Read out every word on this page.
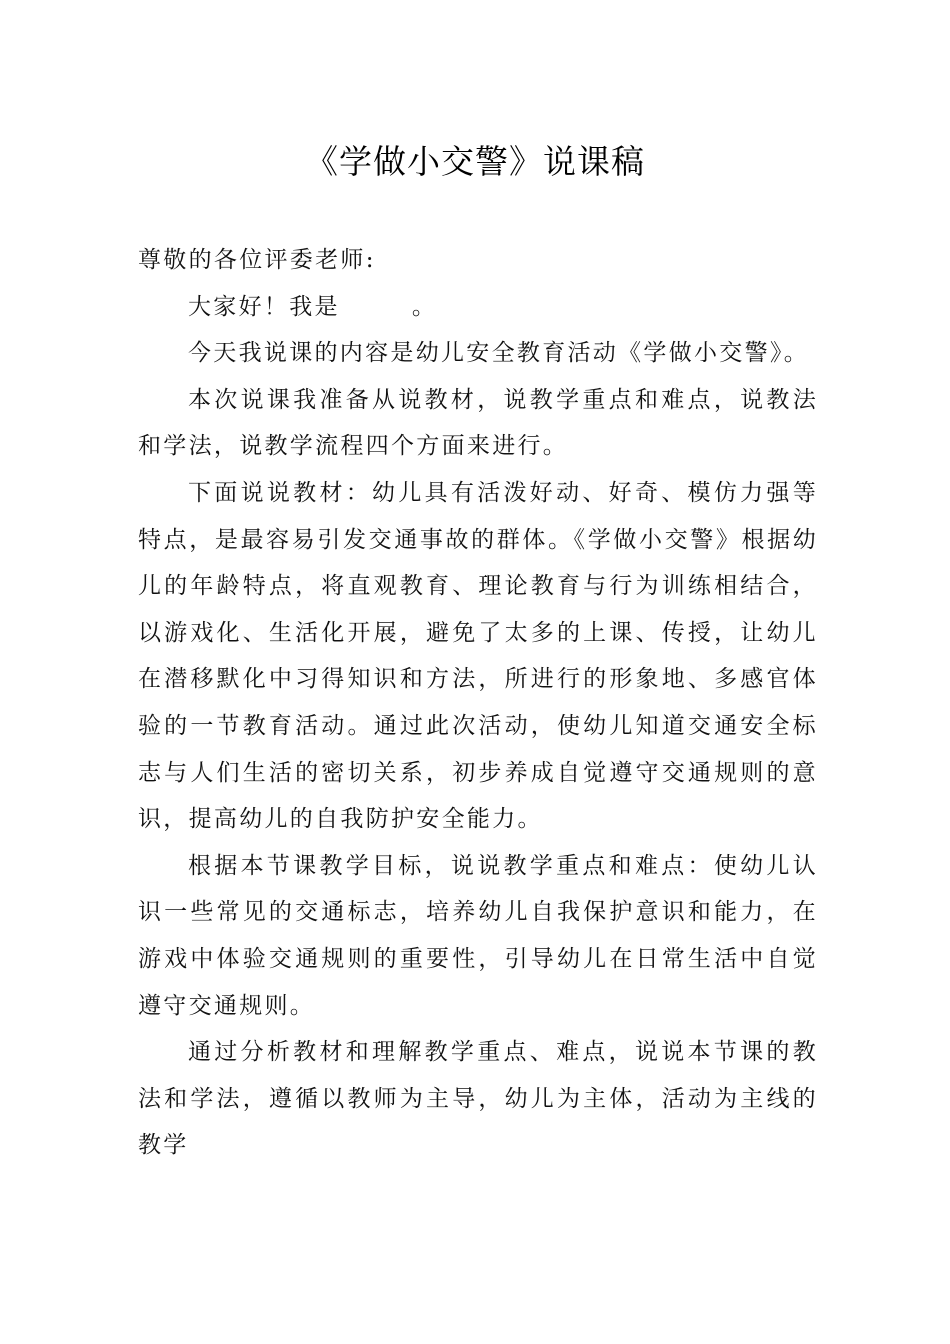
《学做小交警》说课稿

尊敬的各位评委老师:

大家好！我是	。

今天我说课的内容是幼儿安全教育活动《学做小交警》。

本次说课我准备从说教材，说教学重点和难点，说教法和学法，说教学流程四个方面来进行。

下面说说教材：幼儿具有活泼好动、好奇、模仿力强等特点，是最容易引发交通事故的群体。《学做小交警》根据幼儿的年龄特点，将直观教育、理论教育与行为训练相结合，以游戏化、生活化开展，避免了太多的上课、传授，让幼儿在潜移默化中习得知识和方法，所进行的形象地、多感官体验的一节教育活动。通过此次活动，使幼儿知道交通安全标志与人们生活的密切关系，初步养成自觉遵守交通规则的意识，提高幼儿的自我防护安全能力。

根据本节课教学目标，说说教学重点和难点：使幼儿认识一些常见的交通标志，培养幼儿自我保护意识和能力，在游戏中体验交通规则的重要性，引导幼儿在日常生活中自觉遵守交通规则。

通过分析教材和理解教学重点、难点，说说本节课的教法和学法，遵循以教师为主导，幼儿为主体，活动为主线的教学
